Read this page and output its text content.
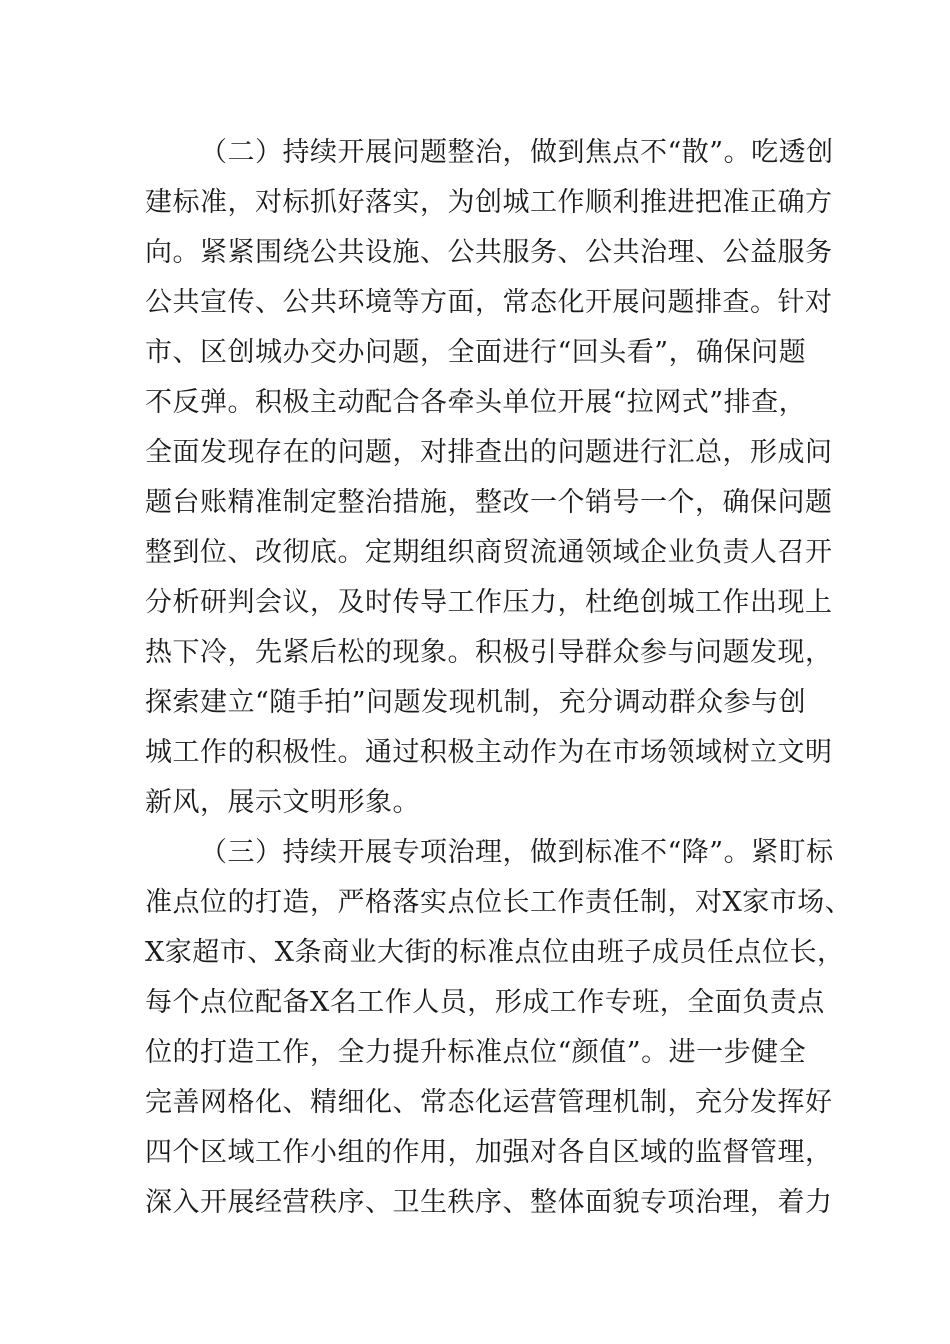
（二）持续开展问题整治，做到焦点不“散”。吃透创

建标准，对标抓好落实，为创城工作顺利推进把准正确方

向。紧紧围绕公共设施、公共服务、公共治理、公益服务

公共宣传、公共环境等方面，常态化开展问题排查。针对

市、区创城办交办问题，全面进行“回头看”，确保问题

不反弹。积极主动配合各牵头单位开展“拉网式”排查，

全面发现存在的问题，对排查出的问题进行汇总，形成问

题台账精准制定整治措施，整改一个销号一个，确保问题

整到位、改彻底。定期组织商贸流通领域企业负责人召开

分析研判会议，及时传导工作压力，杜绝创城工作出现上

热下冷，先紧后松的现象。积极引导群众参与问题发现，

探索建立“随手拍”问题发现机制，充分调动群众参与创

城工作的积极性。通过积极主动作为在市场领域树立文明

新风，展示文明形象。

（三）持续开展专项治理，做到标准不“降”。紧盯标

准点位的打造，严格落实点位长工作责任制，对X家市场、

X家超市、X条商业大街的标准点位由班子成员任点位长，

每个点位配备X名工作人员，形成工作专班，全面负责点

位的打造工作，全力提升标准点位“颜值”。进一步健全

完善网格化、精细化、常态化运营管理机制，充分发挥好

四个区域工作小组的作用，加强对各自区域的监督管理，

深入开展经营秩序、卫生秩序、整体面貌专项治理，着力
